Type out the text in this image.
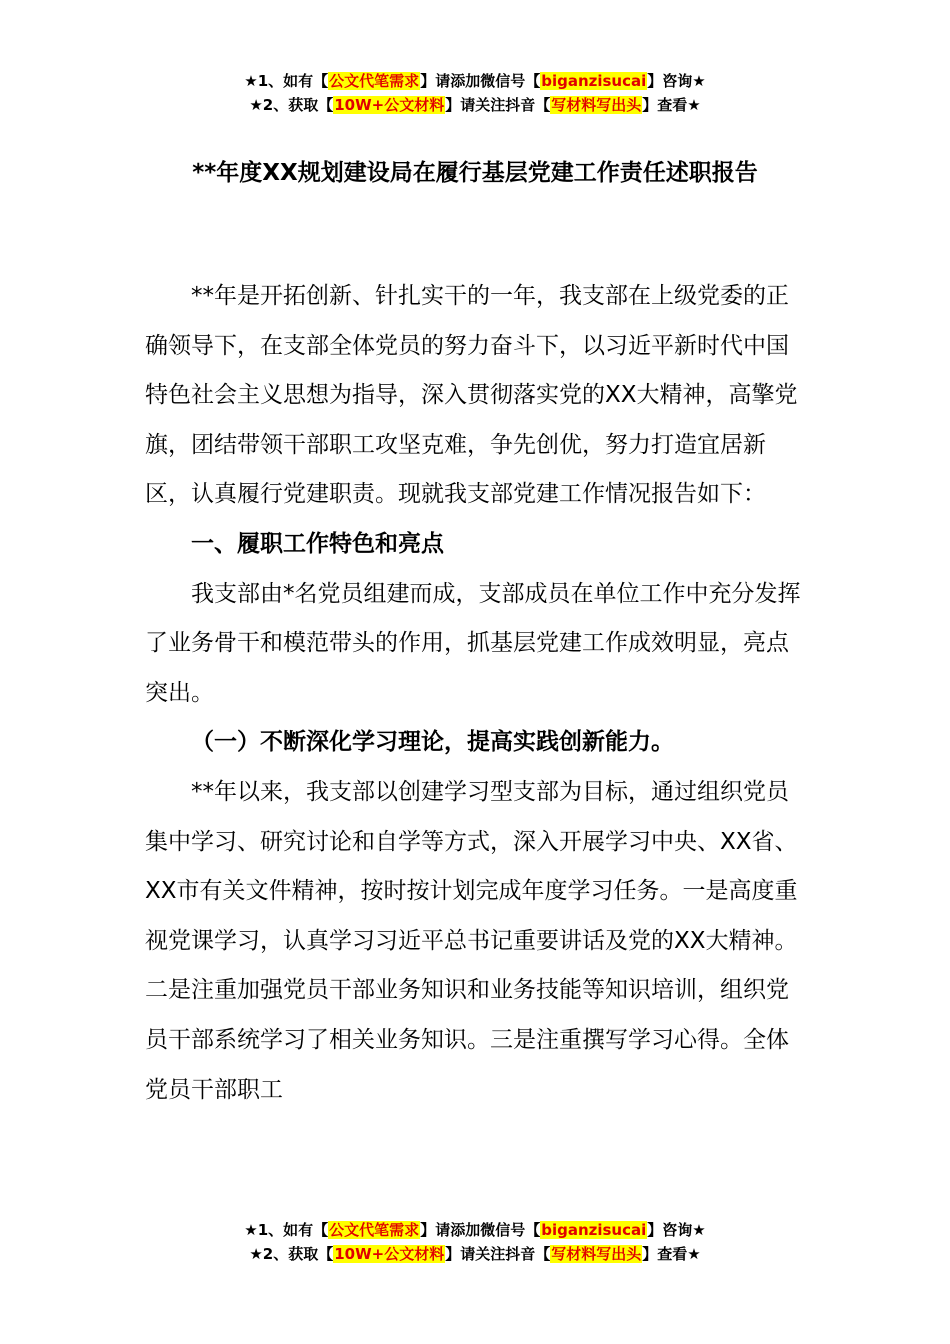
★1、如有【公文代笔需求】请添加微信号【biganzisucai】咨询★
★2、获取【10W+公文材料】请关注抖音【写材料写出头】查看★
**年度XX规划建设局在履行基层党建工作责任述职报告

**年是开拓创新、针扎实干的一年，我支部在上级党委的正确领导下，在支部全体党员的努力奋斗下，以习近平新时代中国特色社会主义思想为指导，深入贯彻落实党的XX大精神，高擎党旗，团结带领干部职工攻坚克难，争先创优，努力打造宜居新区，认真履行党建职责。现就我支部党建工作情况报告如下：

一、履职工作特色和亮点

我支部由*名党员组建而成，支部成员在单位工作中充分发挥了业务骨干和模范带头的作用，抓基层党建工作成效明显，亮点突出。

（一）不断深化学习理论，提高实践创新能力。

**年以来，我支部以创建学习型支部为目标，通过组织党员集中学习、研究讨论和自学等方式，深入开展学习中央、XX省、XX市有关文件精神，按时按计划完成年度学习任务。一是高度重视党课学习，认真学习习近平总书记重要讲话及党的XX大精神。二是注重加强党员干部业务知识和业务技能等知识培训，组织党员干部系统学习了相关业务知识。三是注重撰写学习心得。全体党员干部职工

★1、如有【公文代笔需求】请添加微信号【biganzisucai】咨询★
★2、获取【10W+公文材料】请关注抖音【写材料写出头】查看★
